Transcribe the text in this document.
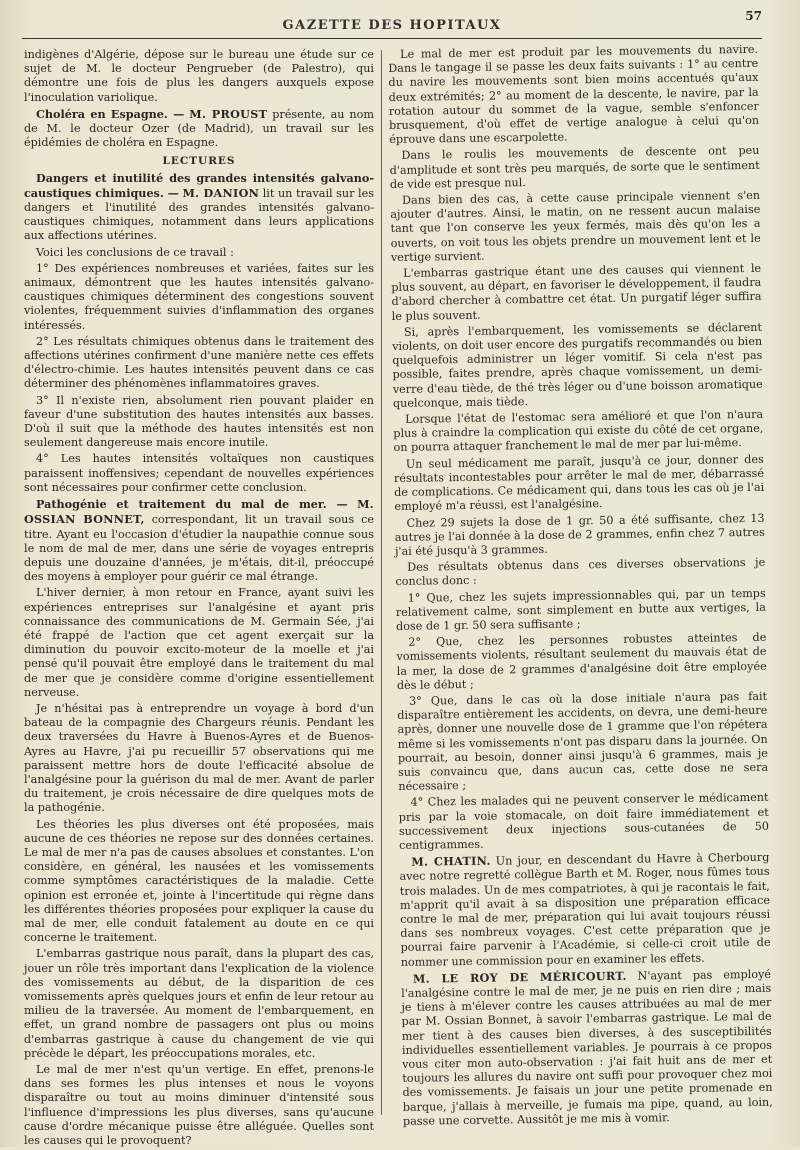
GAZETTE DES HOPITAUX
57

indigènes d'Algérie, dépose sur le bureau une étude sur ce sujet de M. le docteur Pengrueber (de Palestro), qui démontre une fois de plus les dangers auxquels expose l'inoculation variolique.

Choléra en Espagne. — M. PROUST présente, au nom de M. le docteur Ozer (de Madrid), un travail sur les épidémies de choléra en Espagne.

LECTURES

Dangers et inutilité des grandes intensités galvano-caustiques chimiques. — M. DANION lit un travail sur les dangers et l'inutilité des grandes intensités galvano-caustiques chimiques, notamment dans leurs applications aux affections utérines.

Voici les conclusions de ce travail :

1° Des expériences nombreuses et variées, faites sur les animaux, démontrent que les hautes intensités galvano-caustiques chimiques déterminent des congestions souvent violentes, fréquemment suivies d'inflammation des organes intéressés.

2° Les résultats chimiques obtenus dans le traitement des affections utérines confirment d'une manière nette ces effets d'électro-chimie. Les hautes intensités peuvent dans ce cas déterminer des phénomènes inflammatoires graves.

3° Il n'existe rien, absolument rien pouvant plaider en faveur d'une substitution des hautes intensités aux basses. D'où il suit que la méthode des hautes intensités est non seulement dangereuse mais encore inutile.

4° Les hautes intensités voltaïques non caustiques paraissent inoffensives; cependant de nouvelles expériences sont nécessaires pour confirmer cette conclusion.

Pathogénie et traitement du mal de mer. — M. OSSIAN BONNET, correspondant, lit un travail sous ce titre. Ayant eu l'occasion d'étudier la naupathie connue sous le nom de mal de mer, dans une série de voyages entrepris depuis une douzaine d'années, je m'étais, dit-il, préoccupé des moyens à employer pour guérir ce mal étrange.

L'hiver dernier, à mon retour en France, ayant suivi les expériences entreprises sur l'analgésine et ayant pris connaissance des communications de M. Germain Sée, j'ai été frappé de l'action que cet agent exerçait sur la diminution du pouvoir excito-moteur de la moelle et j'ai pensé qu'il pouvait être employé dans le traitement du mal de mer que je considère comme d'origine essentiellement nerveuse.

Je n'hésitai pas à entreprendre un voyage à bord d'un bateau de la compagnie des Chargeurs réunis. Pendant les deux traversées du Havre à Buenos-Ayres et de Buenos-Ayres au Havre, j'ai pu recueillir 57 observations qui me paraissent mettre hors de doute l'efficacité absolue de l'analgésine pour la guérison du mal de mer. Avant de parler du traitement, je crois nécessaire de dire quelques mots de la pathogénie.

Les théories les plus diverses ont été proposées, mais aucune de ces théories ne repose sur des données certaines. Le mal de mer n'a pas de causes absolues et constantes. L'on considère, en général, les nausées et les vomissements comme symptômes caractéristiques de la maladie. Cette opinion est erronée et, jointe à l'incertitude qui règne dans les différentes théories proposées pour expliquer la cause du mal de mer, elle conduit fatalement au doute en ce qui concerne le traitement.

L'embarras gastrique nous paraît, dans la plupart des cas, jouer un rôle très important dans l'explication de la violence des vomissements au début, de la disparition de ces vomissements après quelques jours et enfin de leur retour au milieu de la traversée. Au moment de l'embarquement, en effet, un grand nombre de passagers ont plus ou moins d'embarras gastrique à cause du changement de vie qui précède le départ, les préoccupations morales, etc.

Le mal de mer n'est qu'un vertige. En effet, prenons-le dans ses formes les plus intenses et nous le voyons disparaître ou tout au moins diminuer d'intensité sous l'influence d'impressions les plus diverses, sans qu'aucune cause d'ordre mécanique puisse être alléguée. Quelles sont les causes qui le provoquent?

Le mal de mer est produit par les mouvements du navire. Dans le tangage il se passe les deux faits suivants : 1° au centre du navire les mouvements sont bien moins accentués qu'aux deux extrémités; 2° au moment de la descente, le navire, par la rotation autour du sommet de la vague, semble s'enfoncer brusquement, d'où effet de vertige analogue à celui qu'on éprouve dans une escarpolette.

Dans le roulis les mouvements de descente ont peu d'amplitude et sont très peu marqués, de sorte que le sentiment de vide est presque nul.

Dans bien des cas, à cette cause principale viennent s'en ajouter d'autres. Ainsi, le matin, on ne ressent aucun malaise tant que l'on conserve les yeux fermés, mais dès qu'on les a ouverts, on voit tous les objets prendre un mouvement lent et le vertige survient.

L'embarras gastrique étant une des causes qui viennent le plus souvent, au départ, en favoriser le développement, il faudra d'abord chercher à combattre cet état. Un purgatif léger suffira le plus souvent.

Si, après l'embarquement, les vomissements se déclarent violents, on doit user encore des purgatifs recommandés ou bien quelquefois administrer un léger vomitif. Si cela n'est pas possible, faites prendre, après chaque vomissement, un demi-verre d'eau tiède, de thé très léger ou d'une boisson aromatique quelconque, mais tiède.

Lorsque l'état de l'estomac sera amélioré et que l'on n'aura plus à craindre la complication qui existe du côté de cet organe, on pourra attaquer franchement le mal de mer par lui-même.

Un seul médicament me paraît, jusqu'à ce jour, donner des résultats incontestables pour arrêter le mal de mer, débarrassé de complications. Ce médicament qui, dans tous les cas où je l'ai employé m'a réussi, est l'analgésine.

Chez 29 sujets la dose de 1 gr. 50 a été suffisante, chez 13 autres je l'ai donnée à la dose de 2 grammes, enfin chez 7 autres j'ai été jusqu'à 3 grammes.

Des résultats obtenus dans ces diverses observations je conclus donc :

1° Que, chez les sujets impressionnables qui, par un temps relativement calme, sont simplement en butte aux vertiges, la dose de 1 gr. 50 sera suffisante ;

2° Que, chez les personnes robustes atteintes de vomissements violents, résultant seulement du mauvais état de la mer, la dose de 2 grammes d'analgésine doit être employée dès le début ;

3° Que, dans le cas où la dose initiale n'aura pas fait disparaître entièrement les accidents, on devra, une demi-heure après, donner une nouvelle dose de 1 gramme que l'on répétera même si les vomissements n'ont pas disparu dans la journée. On pourrait, au besoin, donner ainsi jusqu'à 6 grammes, mais je suis convaincu que, dans aucun cas, cette dose ne sera nécessaire ;

4° Chez les malades qui ne peuvent conserver le médicament pris par la voie stomacale, on doit faire immédiatement et successivement deux injections sous-cutanées de 50 centigrammes.

M. CHATIN. Un jour, en descendant du Havre à Cherbourg avec notre regretté collègue Barth et M. Roger, nous fûmes tous trois malades. Un de mes compatriotes, à qui je racontais le fait, m'apprit qu'il avait à sa disposition une préparation efficace contre le mal de mer, préparation qui lui avait toujours réussi dans ses nombreux voyages. C'est cette préparation que je pourrai faire parvenir à l'Académie, si celle-ci croit utile de nommer une commission pour en examiner les effets.

M. LE ROY DE MÉRICOURT. N'ayant pas employé l'analgésine contre le mal de mer, je ne puis en rien dire ; mais je tiens à m'élever contre les causes attribuées au mal de mer par M. Ossian Bonnet, à savoir l'embarras gastrique. Le mal de mer tient à des causes bien diverses, à des susceptibilités individuelles essentiellement variables. Je pourrais à ce propos vous citer mon auto-observation : j'ai fait huit ans de mer et toujours les allures du navire ont suffi pour provoquer chez moi des vomissements. Je faisais un jour une petite promenade en barque, j'allais à merveille, je fumais ma pipe, quand, au loin, passe une corvette. Aussitôt je me mis à vomir.
